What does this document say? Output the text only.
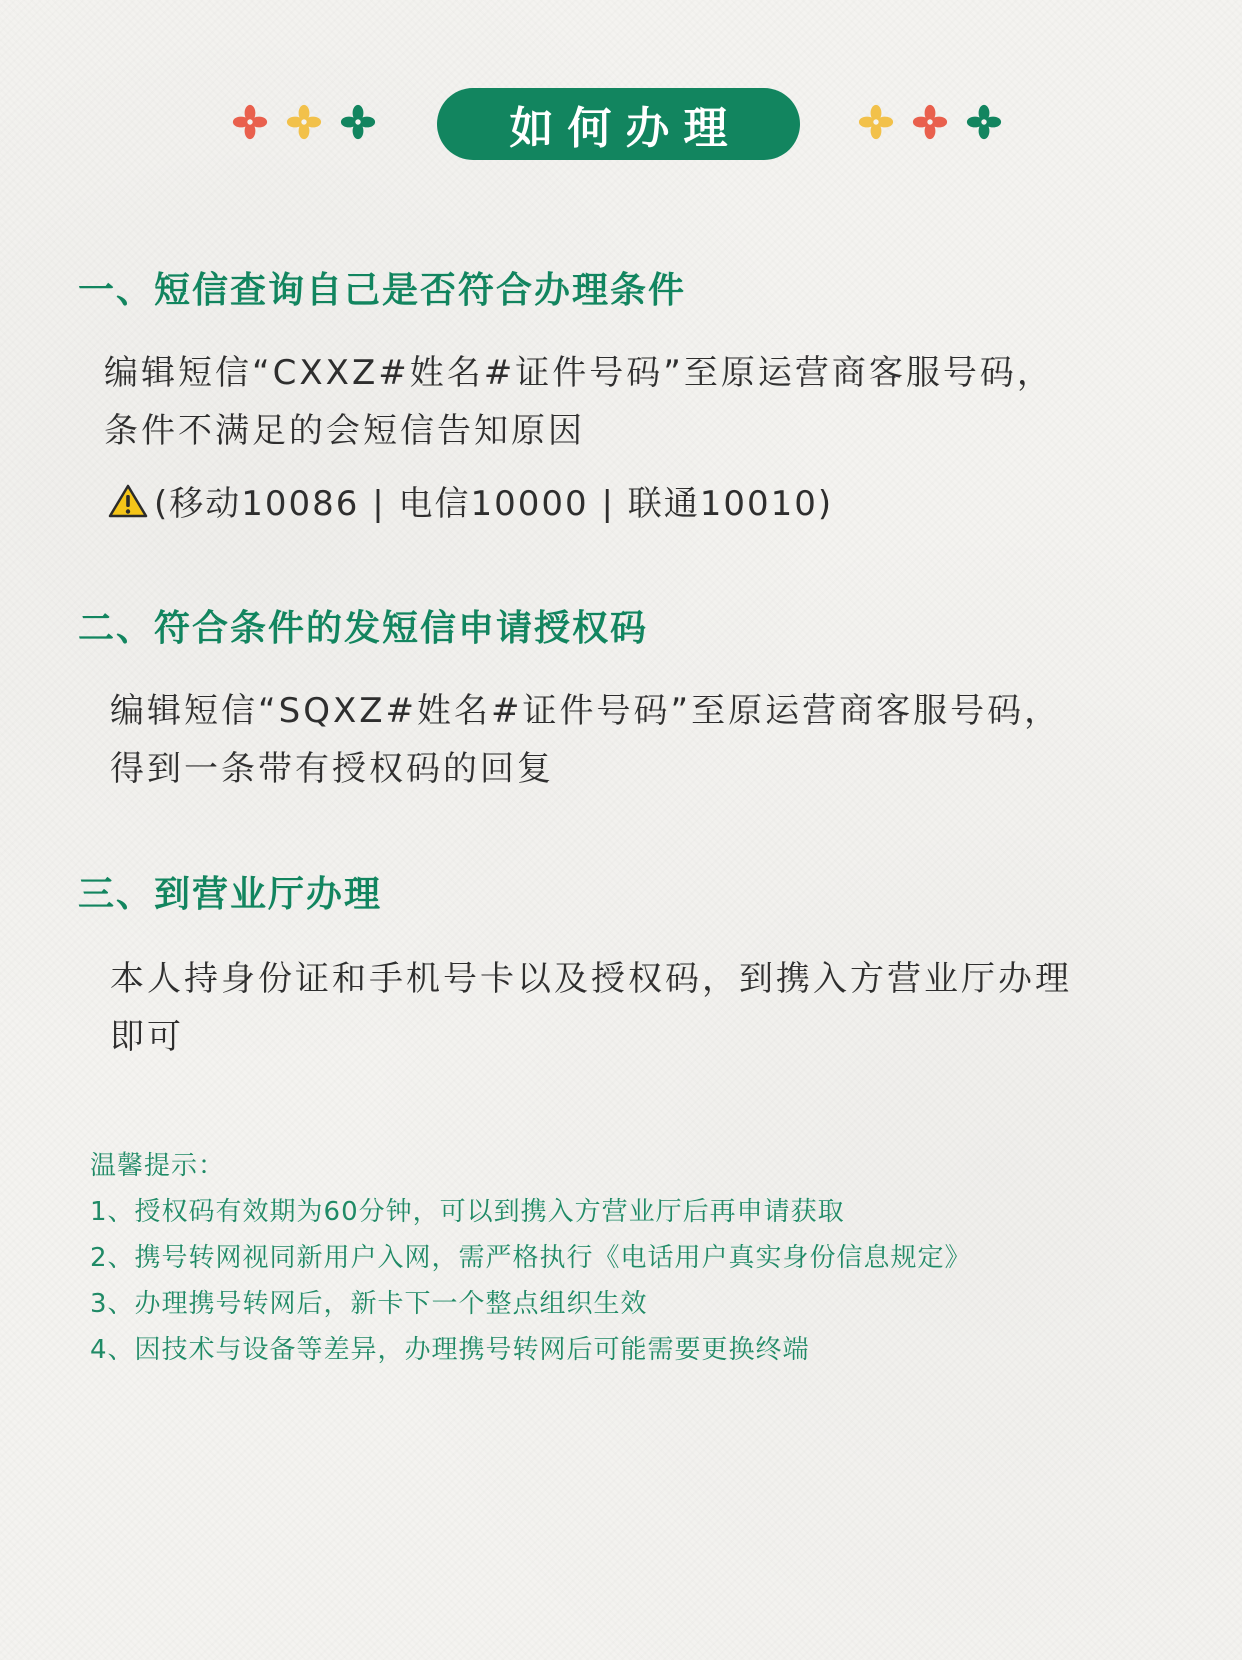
如何办理
一、短信查询自己是否符合办理条件
编辑短信“CXXZ#姓名#证件号码”至原运营商客服号码，
条件不满足的会短信告知原因
(移动10086 | 电信10000 | 联通10010)
二、符合条件的发短信申请授权码
编辑短信“SQXZ#姓名#证件号码”至原运营商客服号码，
得到一条带有授权码的回复
三、到营业厅办理
本人持身份证和手机号卡以及授权码，到携入方营业厅办理
即可
温馨提示：
1、授权码有效期为60分钟，可以到携入方营业厅后再申请获取
2、携号转网视同新用户入网，需严格执行《电话用户真实身份信息规定》
3、办理携号转网后，新卡下一个整点组织生效
4、因技术与设备等差异，办理携号转网后可能需要更换终端
